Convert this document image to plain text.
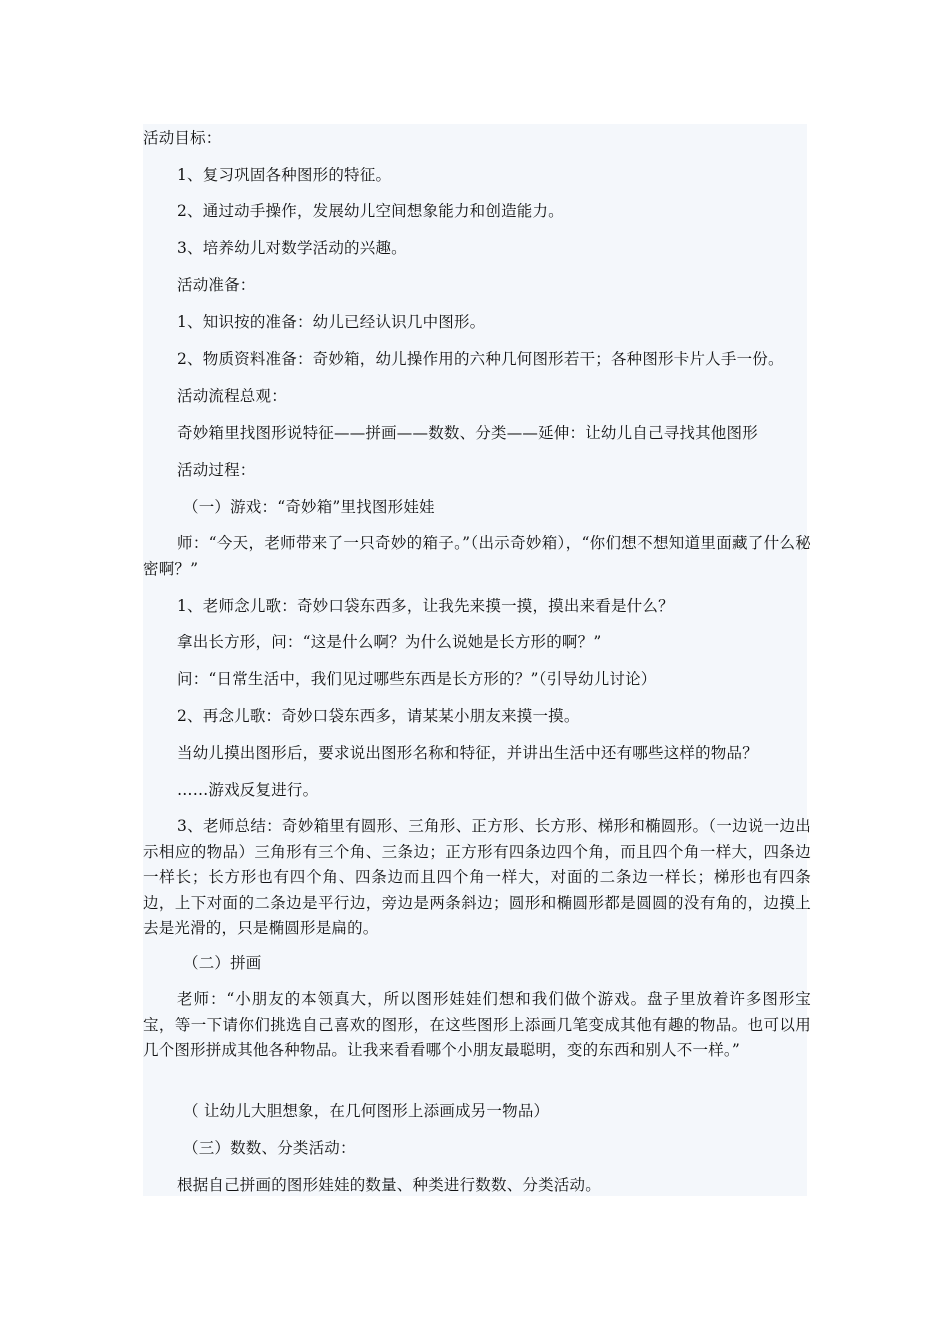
活动目标：
1、复习巩固各种图形的特征。
2、通过动手操作，发展幼儿空间想象能力和创造能力。
3、培养幼儿对数学活动的兴趣。
活动准备：
1、知识按的准备：幼儿已经认识几中图形。
2、物质资料准备：奇妙箱，幼儿操作用的六种几何图形若干；各种图形卡片人手一份。
活动流程总观：
奇妙箱里找图形说特征——拼画——数数、分类——延伸：让幼儿自己寻找其他图形
活动过程：
（一）游戏：“奇妙箱”里找图形娃娃
师：“今天，老师带来了一只奇妙的箱子。”（出示奇妙箱），“你们想不想知道里面藏了什么秘密啊？”
1、老师念儿歌：奇妙口袋东西多，让我先来摸一摸，摸出来看是什么？
拿出长方形，问：“这是什么啊？为什么说她是长方形的啊？”
问：“日常生活中，我们见过哪些东西是长方形的？”（引导幼儿讨论）
2、再念儿歌：奇妙口袋东西多，请某某小朋友来摸一摸。
当幼儿摸出图形后，要求说出图形名称和特征，并讲出生活中还有哪些这样的物品？
……游戏反复进行。
3、老师总结：奇妙箱里有圆形、三角形、正方形、长方形、梯形和椭圆形。（一边说一边出示相应的物品）三角形有三个角、三条边；正方形有四条边四个角，而且四个角一样大，四条边一样长；长方形也有四个角、四条边而且四个角一样大，对面的二条边一样长；梯形也有四条边，上下对面的二条边是平行边，旁边是两条斜边；圆形和椭圆形都是圆圆的没有角的，边摸上去是光滑的，只是椭圆形是扁的。
（二）拼画
老师：“小朋友的本领真大，所以图形娃娃们想和我们做个游戏。盘子里放着许多图形宝宝，等一下请你们挑选自己喜欢的图形，在这些图形上添画几笔变成其他有趣的物品。也可以用几个图形拼成其他各种物品。让我来看看哪个小朋友最聪明，变的东西和别人不一样。”
（ 让幼儿大胆想象，在几何图形上添画成另一物品）
（三）数数、分类活动：
根据自己拼画的图形娃娃的数量、种类进行数数、分类活动。
